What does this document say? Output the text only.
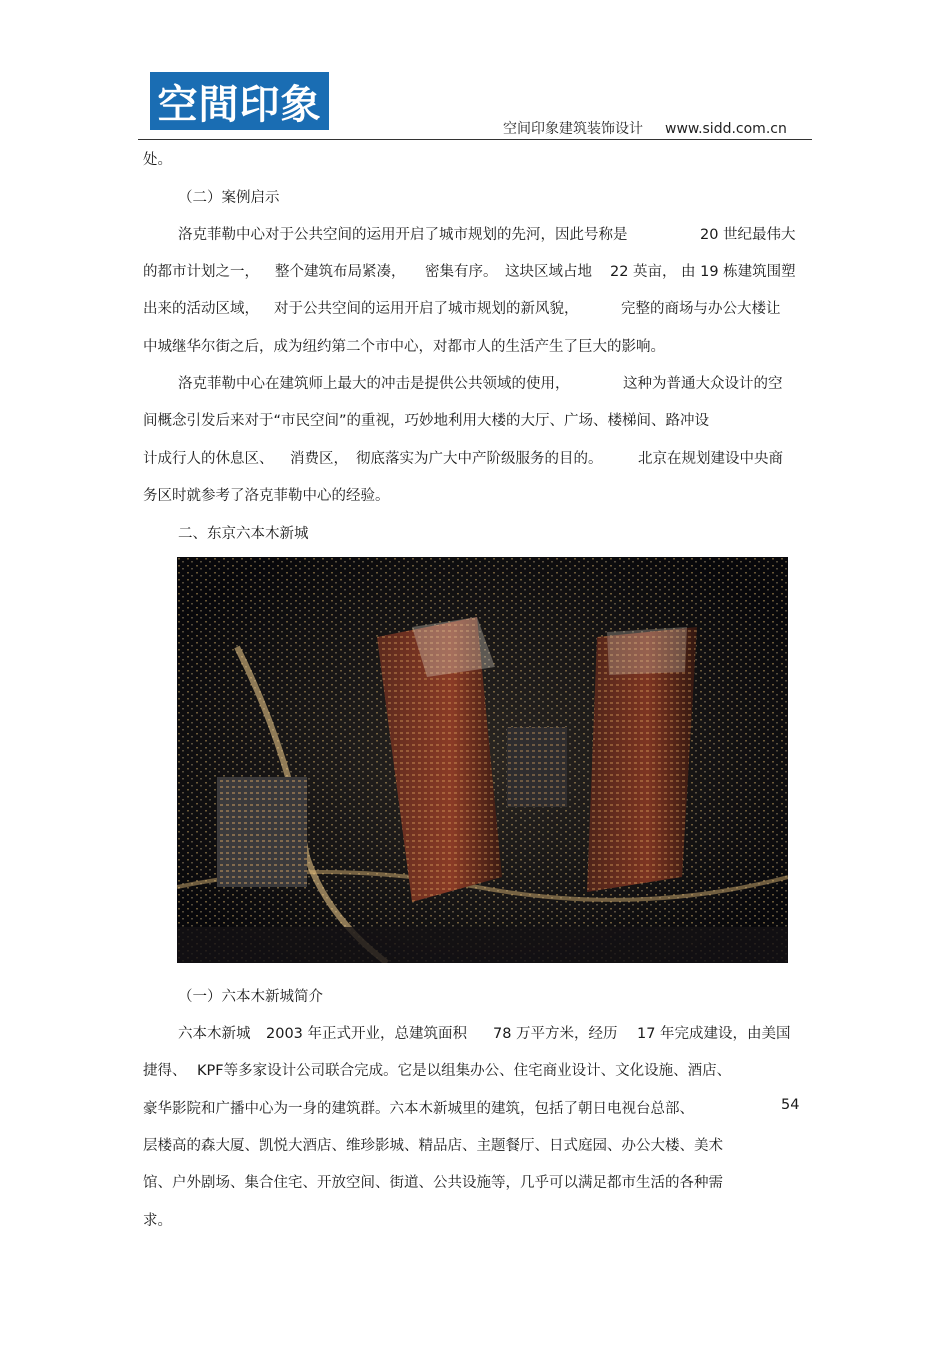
空間印象
空间印象建筑装饰设计 www.sidd.com.cn
处。
（二）案例启示
洛克菲勒中心对于公共空间的运用开启了城市规划的先河，因此号称是	20 世纪最伟大
的都市计划之一， 整个建筑布局紧凑， 密集有序。 这块区域占地 22 英亩， 由 19 栋建筑围塑
出来的活动区域， 对于公共空间的运用开启了城市规划的新风貌，	完整的商场与办公大楼让
中城继华尔街之后，成为纽约第二个市中心，对都市人的生活产生了巨大的影响。
洛克菲勒中心在建筑师上最大的冲击是提供公共领域的使用，	这种为普通大众设计的空
间概念引发后来对于“市民空间”的重视，巧妙地利用大楼的大厅、广场、楼梯间、路冲设
计成行人的休息区、 消费区， 彻底落实为广大中产阶级服务的目的。 北京在规划建设中央商
务区时就参考了洛克菲勒中心的经验。
二、东京六本木新城
（一）六本木新城简介
六本木新城 2003 年正式开业，总建筑面积 78 万平方米，经历 17 年完成建设，由美国
捷得、 KPF等多家设计公司联合完成。它是以组集办公、住宅商业设计、文化设施、酒店、
豪华影院和广播中心为一身的建筑群。六本木新城里的建筑，包括了朝日电视台总部、	54
层楼高的森大厦、凯悦大酒店、维珍影城、精品店、主题餐厅、日式庭园、办公大楼、美术
馆、户外剧场、集合住宅、开放空间、街道、公共设施等，几乎可以满足都市生活的各种需
求。
